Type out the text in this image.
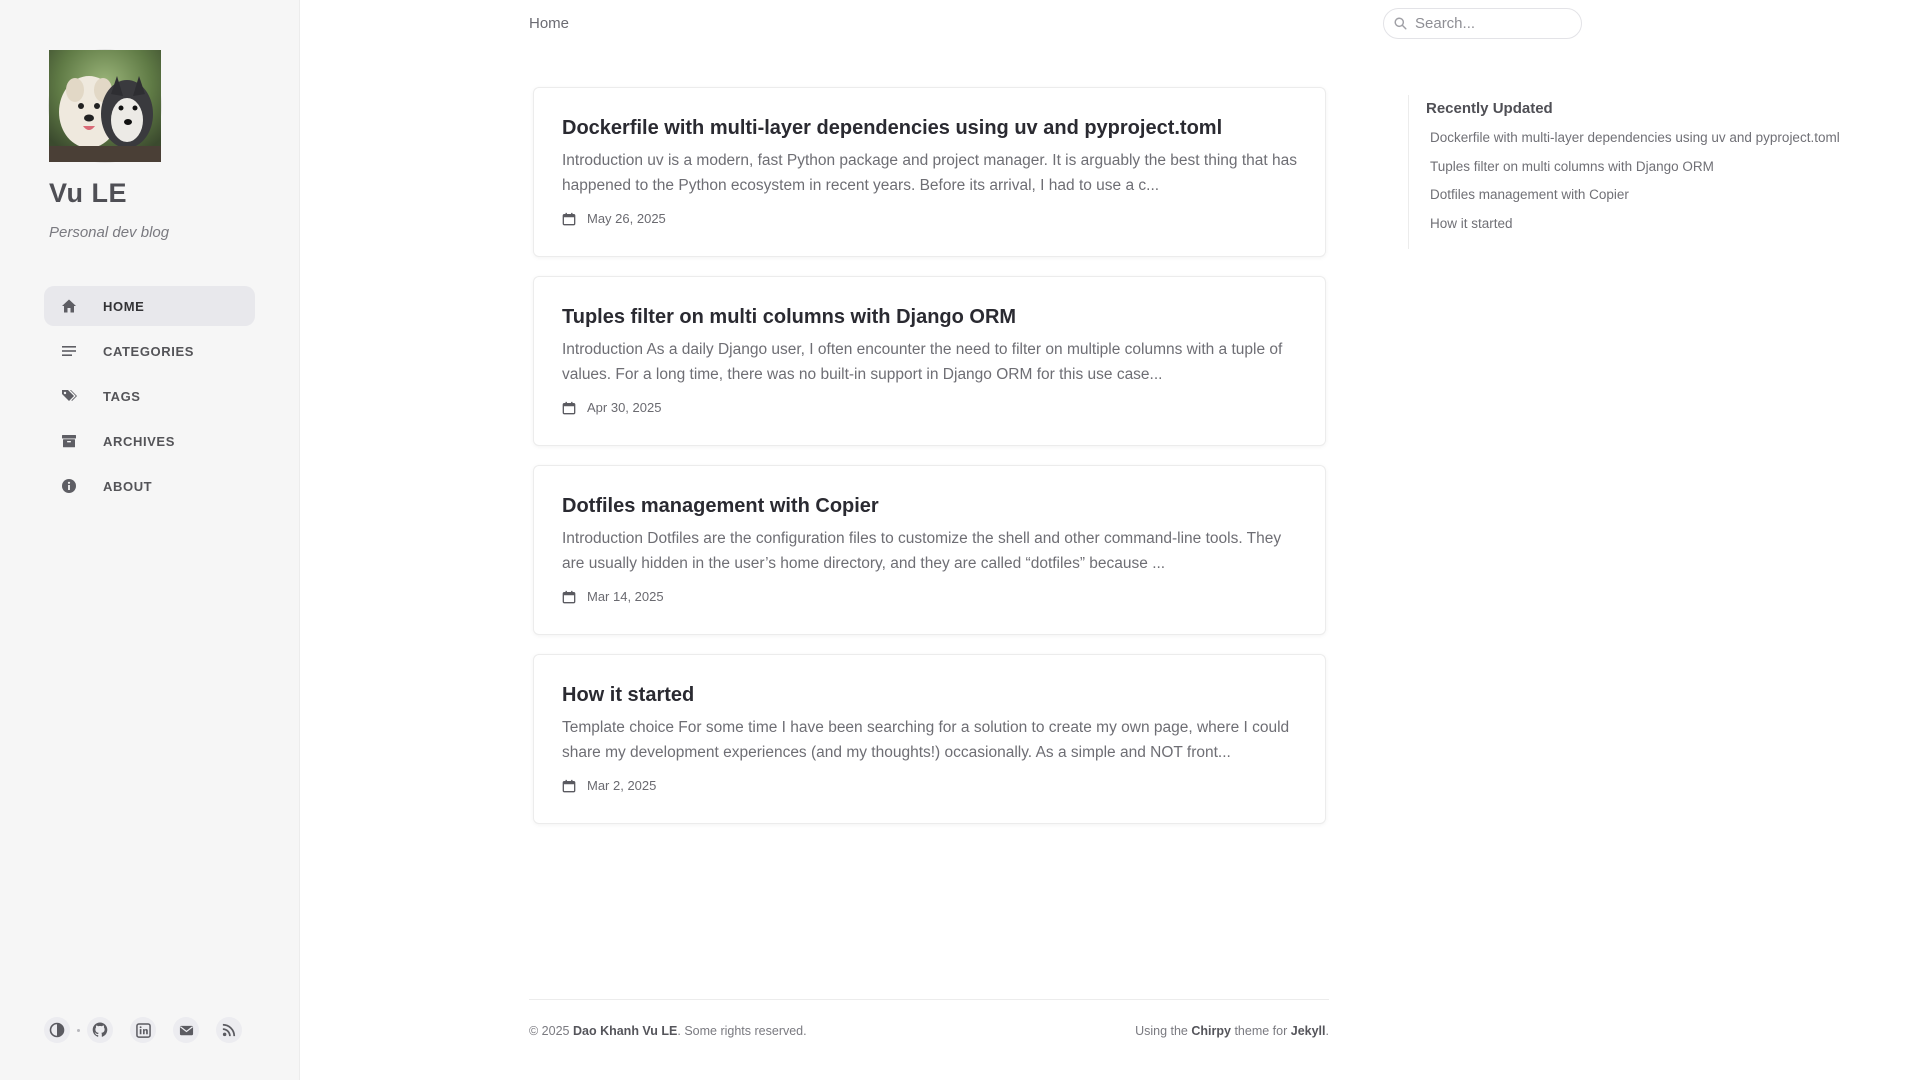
Vu LE
Personal dev blog
HOME
CATEGORIES
TAGS
ARCHIVES
ABOUT
Home
Search...
Dockerfile with multi-layer dependencies using uv and pyproject.toml
Introduction uv is a modern, fast Python package and project manager. It is arguably the best thing that has happened to the Python ecosystem in recent years. Before its arrival, I had to use a c...
May 26, 2025
Tuples filter on multi columns with Django ORM
Introduction As a daily Django user, I often encounter the need to filter on multiple columns with a tuple of values. For a long time, there was no built-in support in Django ORM for this use case...
Apr 30, 2025
Dotfiles management with Copier
Introduction Dotfiles are the configuration files to customize the shell and other command-line tools. They are usually hidden in the user’s home directory, and they are called “dotfiles” because ...
Mar 14, 2025
How it started
Template choice For some time I have been searching for a solution to create my own page, where I could share my development experiences (and my thoughts!) occasionally. As a simple and NOT front...
Mar 2, 2025
Recently Updated
Dockerfile with multi-layer dependencies using uv and pyproject.toml
Tuples filter on multi columns with Django ORM
Dotfiles management with Copier
How it started
© 2025 Dao Khanh Vu LE. Some rights reserved.	Using the Chirpy theme for Jekyll.
